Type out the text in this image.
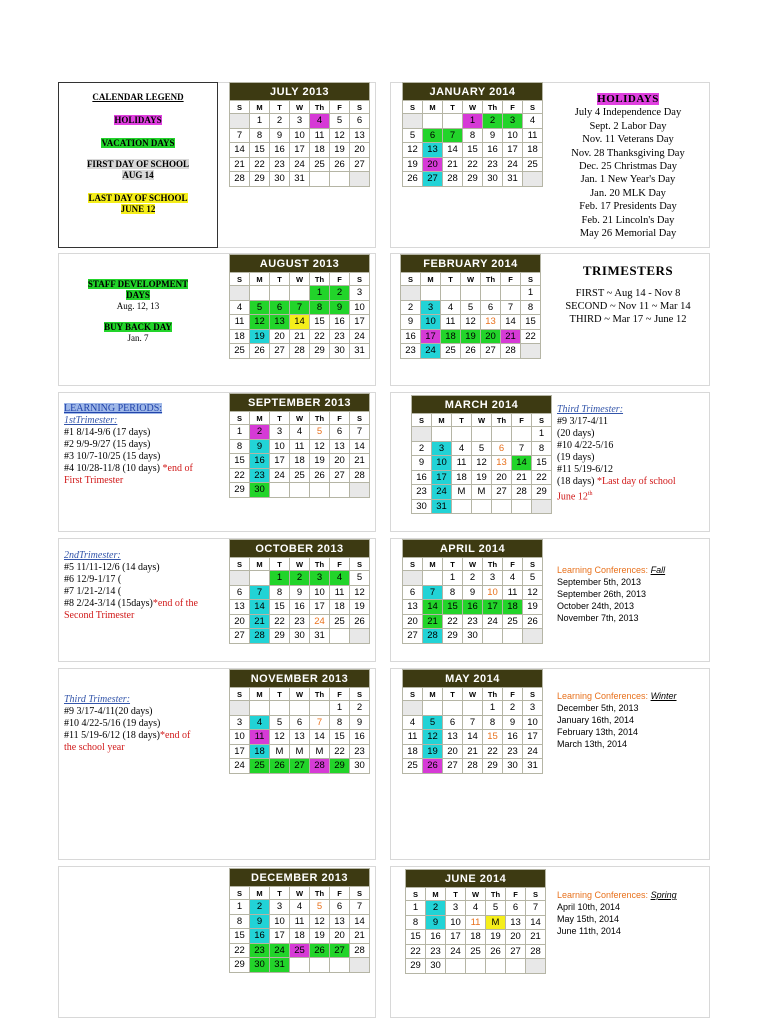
CALENDAR LEGEND
HOLIDAYS
VACATION DAYS
FIRST DAY OF SCHOOL
AUG 14
LAST DAY OF SCHOOL
JUNE 12
STAFF DEVELOPMENT
DAYS
Aug. 12, 13
BUY BACK DAY
Jan. 7
HOLIDAYS
July 4 Independence Day
Sept. 2 Labor Day
Nov. 11 Veterans Day
Nov. 28 Thanksgiving Day
Dec. 25 Christmas Day
Jan. 1 New Year's Day
Jan. 20 MLK Day
Feb. 17 Presidents Day
Feb. 21 Lincoln's Day
May 26 Memorial Day
TRIMESTERS
FIRST ~ Aug 14 - Nov 8
SECOND ~ Nov 11 ~ Mar 14
THIRD ~ Mar 17 ~ June 12
LEARNING PERIODS:
1stTrimester:
#1 8/14-9/6 (17 days)
#2 9/9-9/27 (15 days)
#3 10/7-10/25 (15 days)
#4 10/28-11/8 (10 days) *end of
First Trimester
2ndTrimester:
#5 11/11-12/6 (14 days)
#6 12/9-1/17 (
#7 1/21-2/14 (
#8 2/24-3/14 (15days)*end of the
Second Trimester
Third Trimester:
#9 3/17-4/11(20 days)
#10 4/22-5/16 (19 days)
#11 5/19-6/12 (18 days)*end of
the school year
Third Trimester:
#9 3/17-4/11
(20 days)
#10 4/22-5/16
(19 days)
#11 5/19-6/12
(18 days) *Last day of school
June 12th
Learning Conferences: Fall
September 5th, 2013
September 26th, 2013
October 24th, 2013
November 7th, 2013
Learning Conferences: Winter
December 5th, 2013
January 16th, 2014
February 13th, 2014
March 13th, 2014
Learning Conferences: Spring
April 10th, 2014
May 15th, 2014
June 11th, 2014
JULY 2013						
S	M	T	W	Th	F	S
	1	2	3	4	5	6
7	8	9	10	11	12	13
14	15	16	17	18	19	20
21	22	23	24	25	26	27
28	29	30	31			
AUGUST 2013						
S	M	T	W	Th	F	S
				1	2	3
4	5	6	7	8	9	10
11	12	13	14	15	16	17
18	19	20	21	22	23	24
25	26	27	28	29	30	31
SEPTEMBER 2013						
S	M	T	W	Th	F	S
1	2	3	4	5	6	7
8	9	10	11	12	13	14
15	16	17	18	19	20	21
22	23	24	25	26	27	28
29	30					
OCTOBER 2013						
S	M	T	W	Th	F	S
		1	2	3	4	5
6	7	8	9	10	11	12
13	14	15	16	17	18	19
20	21	22	23	24	25	26
27	28	29	30	31		
NOVEMBER 2013						
S	M	T	W	Th	F	S
					1	2
3	4	5	6	7	8	9
10	11	12	13	14	15	16
17	18	M	M	M	22	23
24	25	26	27	28	29	30
DECEMBER 2013						
S	M	T	W	Th	F	S
1	2	3	4	5	6	7
8	9	10	11	12	13	14
15	16	17	18	19	20	21
22	23	24	25	26	27	28
29	30	31				
JANUARY 2014						
S	M	T	W	Th	F	S
			1	2	3	4
5	6	7	8	9	10	11
12	13	14	15	16	17	18
19	20	21	22	23	24	25
26	27	28	29	30	31	
FEBRUARY 2014						
S	M	T	W	Th	F	S
						1
2	3	4	5	6	7	8
9	10	11	12	13	14	15
16	17	18	19	20	21	22
23	24	25	26	27	28	
MARCH 2014						
S	M	T	W	Th	F	S
						1
2	3	4	5	6	7	8
9	10	11	12	13	14	15
16	17	18	19	20	21	22
23	24	M	M	27	28	29
30	31					
APRIL 2014						
S	M	T	W	Th	F	S
		1	2	3	4	5
6	7	8	9	10	11	12
13	14	15	16	17	18	19
20	21	22	23	24	25	26
27	28	29	30			
MAY 2014						
S	M	T	W	Th	F	S
				1	2	3
4	5	6	7	8	9	10
11	12	13	14	15	16	17
18	19	20	21	22	23	24
25	26	27	28	29	30	31
JUNE 2014						
S	M	T	W	Th	F	S
1	2	3	4	5	6	7
8	9	10	11	M	13	14
15	16	17	18	19	20	21
22	23	24	25	26	27	28
29	30					
